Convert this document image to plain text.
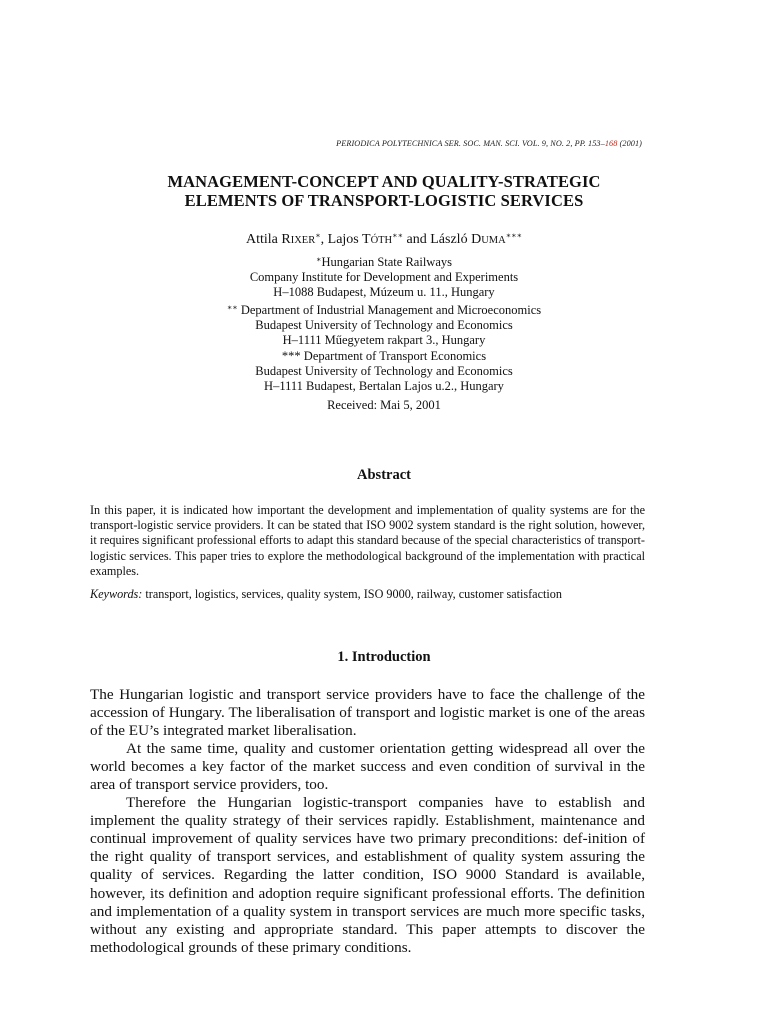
PERIODICA POLYTECHNICA SER. SOC. MAN. SCI. VOL. 9, NO. 2, PP. 153–168 (2001)
MANAGEMENT-CONCEPT AND QUALITY-STRATEGIC
ELEMENTS OF TRANSPORT-LOGISTIC SERVICES
Attila RIXER∗, Lajos TÓTH∗∗ and László DUMA∗∗∗
∗Hungarian State Railways
Company Institute for Development and Experiments
H–1088 Budapest, Múzeum u. 11., Hungary
∗∗ Department of Industrial Management and Microeconomics
Budapest University of Technology and Economics
H–1111 Műegyetem rakpart 3., Hungary
*** Department of Transport Economics
Budapest University of Technology and Economics
H–1111 Budapest, Bertalan Lajos u.2., Hungary
Received: Mai 5, 2001
Abstract
In this paper, it is indicated how important the development and implementation of quality systems are for the transport-logistic service providers. It can be stated that ISO 9002 system standard is the right solution, however, it requires significant professional efforts to adapt this standard because of the special characteristics of transport-logistic services. This paper tries to explore the methodological background of the implementation with practical examples.
Keywords: transport, logistics, services, quality system, ISO 9000, railway, customer satisfaction
1. Introduction

The Hungarian logistic and transport service providers have to face the challenge of the accession of Hungary. The liberalisation of transport and logistic market is one of the areas of the EU’s integrated market liberalisation.

At the same time, quality and customer orientation getting widespread all over the world becomes a key factor of the market success and even condition of survival in the area of transport service providers, too.

Therefore the Hungarian logistic-transport companies have to establish and implement the quality strategy of their services rapidly. Establishment, maintenance and continual improvement of quality services have two primary preconditions: def-inition of the right quality of transport services, and establishment of quality system assuring the quality of services. Regarding the latter condition, ISO 9000 Standard is available, however, its definition and adoption require significant professional efforts. The definition and implementation of a quality system in transport services are much more specific tasks, without any existing and appropriate standard. This paper attempts to discover the methodological grounds of these primary conditions.
